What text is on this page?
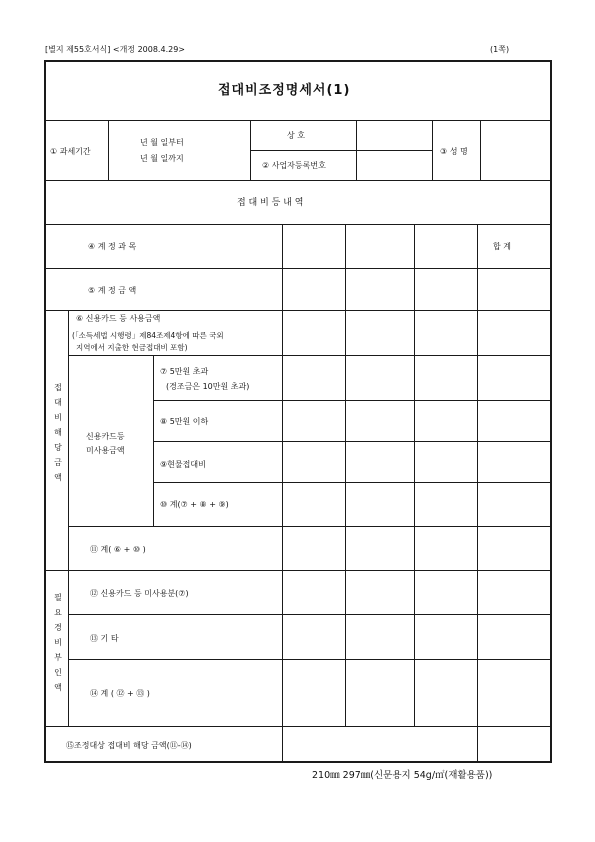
[별지 제55호서식] <개정 2008.4.29>	(1쪽)
접대비조정명세서(1)
① 과세기간
년 월 일부터
년 월 일까지
상 호
② 사업자등록번호
③ 성 명
접 대 비 등 내 역
④ 계 정 과 목	합 계
⑤ 계 정 금 액
접대비해당금액
⑥ 신용카드 등 사용금액
(「소득세법 시행령」제84조제4항에 따른 국외
지역에서 지출한 현금접대비 포함)
신용카드등
미사용금액
⑦ 5만원 초과
(경조금은 10만원 초과)
⑧ 5만원 이하
⑨현물접대비
⑩ 계(⑦ + ⑧ + ⑨)
⑪ 계( ⑥ + ⑩ )
필요경비부인액
⑫ 신용카드 등 미사용분(⑦)
⑬ 기 타
⑭ 계 ( ⑫ + ⑬ )
⑮조정대상 접대비 해당 금액(⑪-⑭)
210㎜ 297㎜(신문용지 54g/㎡(재활용품))
